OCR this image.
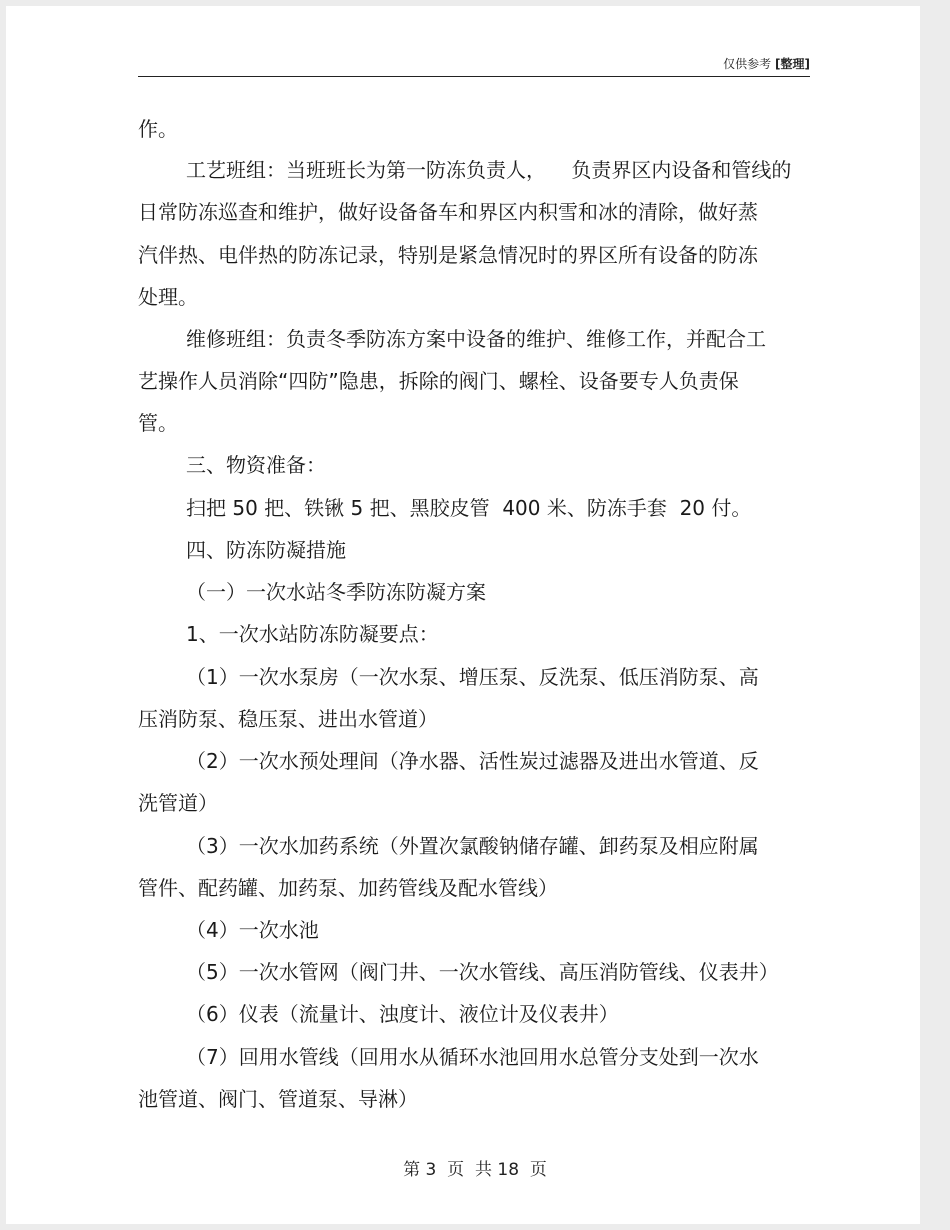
仅供参考 [整理]
作。
工艺班组：当班班长为第一防冻负责人，    负责界区内设备和管线的
日常防冻巡查和维护，做好设备备车和界区内积雪和冰的清除，做好蒸
汽伴热、电伴热的防冻记录，特别是紧急情况时的界区所有设备的防冻
处理。
维修班组：负责冬季防冻方案中设备的维护、维修工作，并配合工
艺操作人员消除“四防”隐患，拆除的阀门、螺栓、设备要专人负责保
管。
三、物资准备：
扫把 50 把、铁锹 5 把、黑胶皮管  400 米、防冻手套  20 付。
四、防冻防凝措施
（一）一次水站冬季防冻防凝方案
1、一次水站防冻防凝要点：
（1）一次水泵房（一次水泵、增压泵、反洗泵、低压消防泵、高
压消防泵、稳压泵、进出水管道）
（2）一次水预处理间（净水器、活性炭过滤器及进出水管道、反
洗管道）
（3）一次水加药系统（外置次氯酸钠储存罐、卸药泵及相应附属
管件、配药罐、加药泵、加药管线及配水管线）
（4）一次水池
（5）一次水管网（阀门井、一次水管线、高压消防管线、仪表井）
（6）仪表（流量计、浊度计、液位计及仪表井）
（7）回用水管线（回用水从循环水池回用水总管分支处到一次水
池管道、阀门、管道泵、导淋）
第 3  页  共 18  页
